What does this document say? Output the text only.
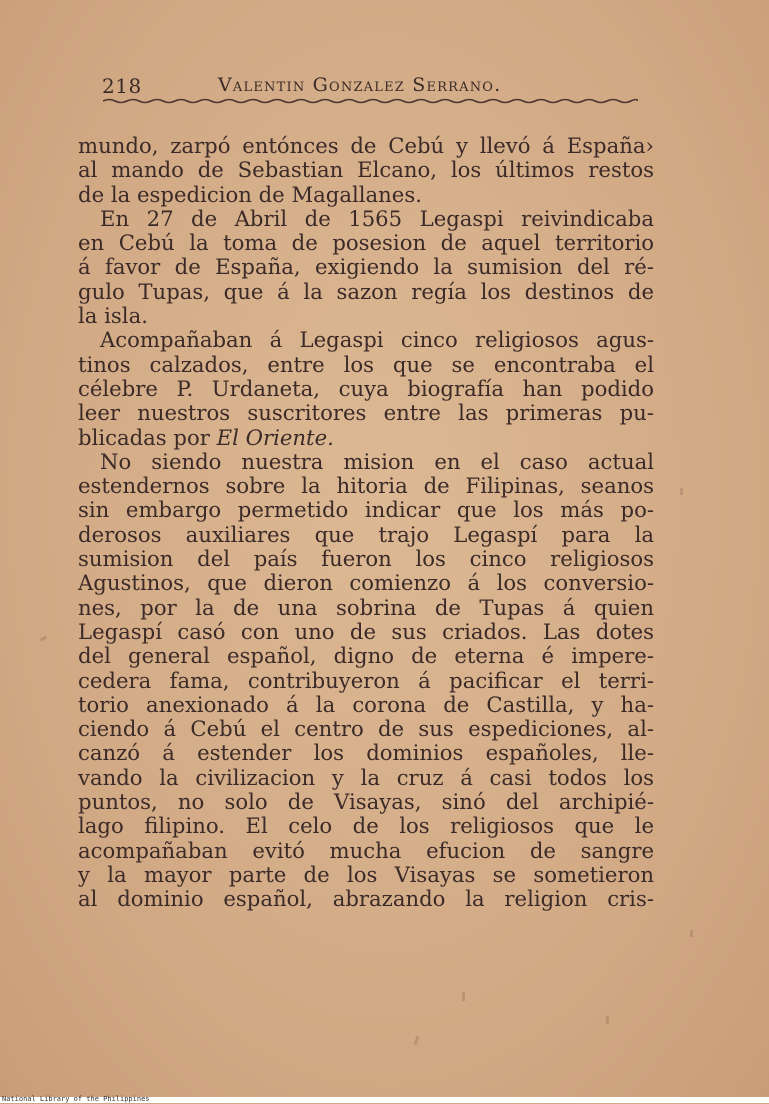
218	Valentin Gonzalez Serrano.
mundo, zarpó entónces de Cebú y llevó á España›
al mando de Sebastian Elcano, los últimos restos
de la espedicion de Magallanes.
En 27 de Abril de 1565 Legaspi reivindicaba
en Cebú la toma de posesion de aquel territorio
á favor de España, exigiendo la sumision del ré-
gulo Tupas, que á la sazon regía los destinos de
la isla.
Acompañaban á Legaspi cinco religiosos agus-
tinos calzados, entre los que se encontraba el
célebre P. Urdaneta, cuya biografía han podido
leer nuestros suscritores entre las primeras pu-
blicadas por El Oriente.
No siendo nuestra mision en el caso actual
estendernos sobre la hitoria de Filipinas, seanos
sin embargo permetido indicar que los más po-
derosos auxiliares que trajo Legaspí para la
sumision del país fueron los cinco religiosos
Agustinos, que dieron comienzo á los conversio-
nes, por la de una sobrina de Tupas á quien
Legaspí casó con uno de sus criados. Las dotes
del general español, digno de eterna é impere-
cedera fama, contribuyeron á pacificar el terri-
torio anexionado á la corona de Castilla, y ha-
ciendo á Cebú el centro de sus espediciones, al-
canzó á estender los dominios españoles, lle-
vando la civilizacion y la cruz á casi todos los
puntos, no solo de Visayas, sinó del archipié-
lago filipino. El celo de los religiosos que le
acompañaban evitó mucha efucion de sangre
y la mayor parte de los Visayas se sometieron
al dominio español, abrazando la religion cris-
National Library of the Philippines
